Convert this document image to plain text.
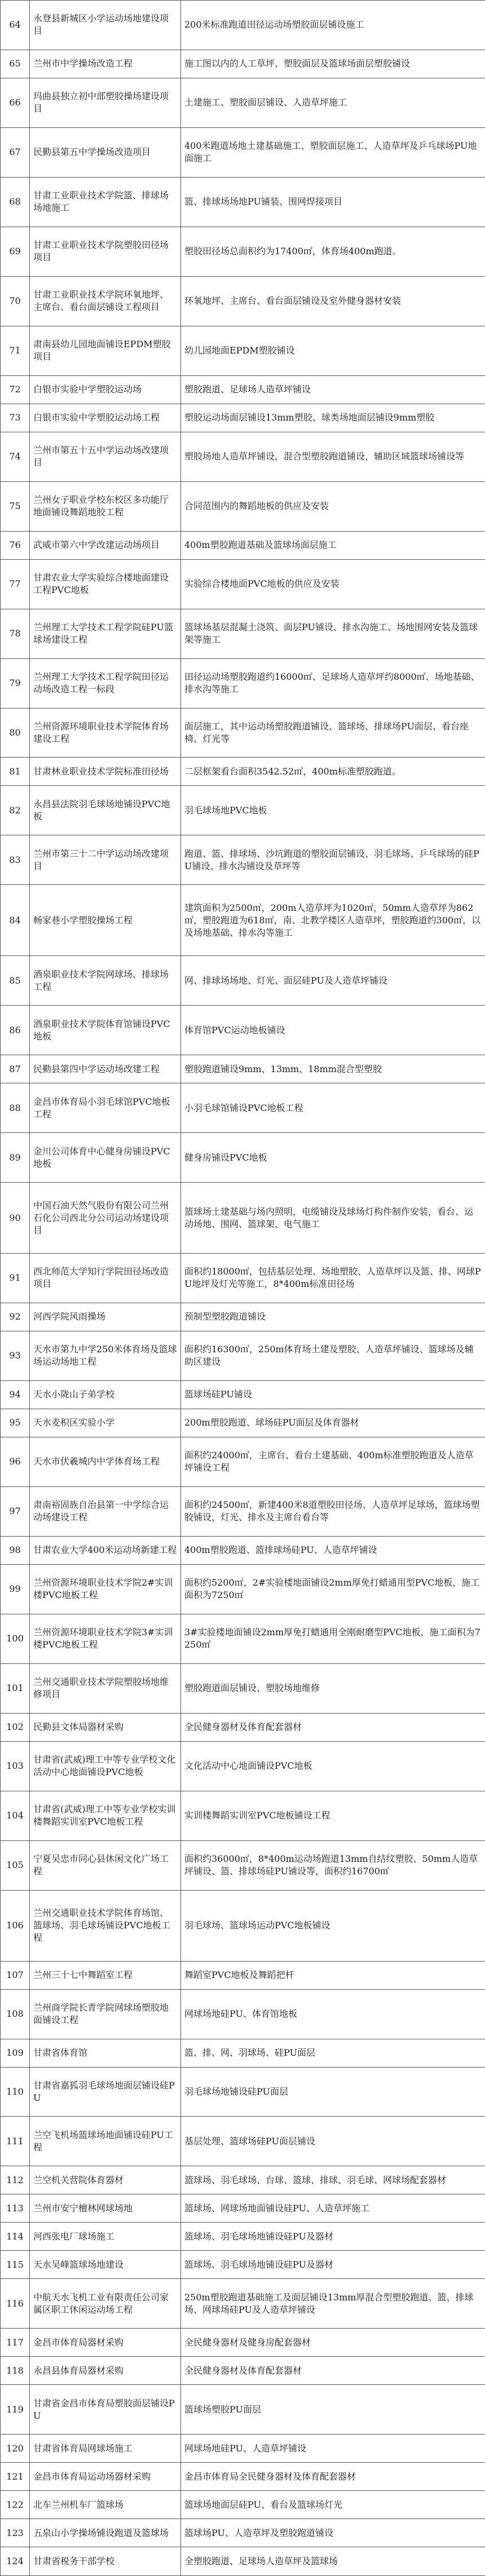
64	永登县新城区小学运动场地建设项目	200米标准跑道田径运动场塑胶面层铺设施工
65	兰州市中学操场改造工程	施工图以内的人工草坪、塑胶面层及篮球场面层塑胶铺设
66	玛曲县独立初中部塑胶操场建设项目	土建施工、塑胶面层铺设、人造草坪施工
67	民勤县第五中学操场改造项目	400米跑道场地土建基础施工、塑胶面层施工、人造草坪及乒乓球场PU地面施工
68	甘肃工业职业技术学院篮、排球场场地施工	篮、排球场场地PU铺装、围网焊接项目
69	甘肃工业职业技术学院塑胶田径场项目	塑胶田径场总面积约为17400㎡，体育场400m跑道。
70	甘肃工业职业技术学院环氧地坪、主席台、看台面层铺设工程项目	环氧地坪、主席台、看台面层铺设及室外健身器材安装
71	肃南县幼儿园地面铺设EPDM塑胶项目	幼儿园地面EPDM塑胶铺设
72	白银市实验中学塑胶运动场	塑胶跑道、足球场人造草坪铺设
73	白银市实验中学塑胶运动场工程	塑胶运动场面层铺设13mm塑胶、球类场地面层铺设9mm塑胶
74	兰州市第五十五中学运动场改建项目	塑胶场地人造草坪铺设，混合型塑胶跑道铺设，辅助区域篮球场铺设等
75	兰州女子职业学校东校区多功能厅地面铺设舞蹈地胶工程	合同范围内的舞蹈地板的供应及安装
76	武威市第六中学改建运动场项目	400m塑胶跑道基础及篮球场面层施工
77	甘肃农业大学实验综合楼地面建设工程PVC地板	实验综合楼地面PVC地板的供应及安装
78	兰州理工大学技术工程学院硅PU篮球场建设工程	篮球场基层混凝土浇筑、面层PU铺设、排水沟施工、场地围网安装及篮球架等施工
79	兰州理工大学技术工程学院田径运动场改造工程一标段	田径运动场塑胶跑道约16000㎡、足球场人造草坪约8000㎡、场地基础、排水沟等施工
80	兰州资源环境职业技术学院体育场建设工程	面层施工，其中运动场塑胶跑道铺设、篮球场、排球场PU面层、看台座椅、灯光等
81	甘肃林业职业技术学院标准田径场	二层框架看台面积3542.52㎡，400m标准塑胶跑道。
82	永昌县法院羽毛球场地铺设PVC地板	羽毛球场地PVC地板
83	兰州市第三十二中学运动场改建项目	跑道、篮、排球场、沙坑跑道的塑胶面层铺设、羽毛球场、乒乓球场的硅PU铺设、排水沟铺设及草坪等
84	畅家巷小学塑胶操场工程	建筑面积为2500㎡，200m人造草坪为1020㎡，50mm人造草坪为862㎡，塑胶跑道为618㎡，南、北教学楼区人造草坪，塑胶跑道约300㎡，以及场地基础、排水沟等施工
85	酒泉职业技术学院网球场、排球场工程	网、排球场场地、灯光、面层硅PU及人造草坪铺设
86	酒泉职业技术学院体育馆铺设PVC地板	体育馆PVC运动地板铺设
87	民勤县第四中学运动场改建工程	塑胶跑道铺设9mm、13mm、18mm混合型塑胶
88	金昌市体育局小羽毛球馆PVC地板工程	小羽毛球馆铺设PVC地板工程
89	金川公司体育中心健身房铺设PVC地板	健身房铺设PVC地板
90	中国石油天然气股份有限公司兰州石化公司西北分公司运动场建设项目	篮球场土建基础与场内照明，电缆铺设及球场灯构件制作安装，看台、运动场地、围网、篮球架、电气施工
91	西北师范大学知行学院田径场改造项目	面积约18000㎡，包括基层处理、场地塑胶、人造草坪以及篮、排、网球PU地坪及灯光等施工，8*400m标准田径场
92	河西学院风雨操场	预制型塑胶跑道铺设
93	天水市第九中学250米体育场及篮球场运动场地工程	面积约16300㎡，250m体育场土建及塑胶、人造草坪铺设、篮球场及辅助区建设
94	天水小陇山子弟学校	篮球场硅PU铺设
95	天水麦积区实验小学	200m塑胶跑道、球场硅PU面层及体育器材
96	天水市伏羲城内中学体育场工程	面积约24000㎡，主席台、看台土建基础、400m标准塑胶跑道及人造草坪铺设工程
97	肃南裕固族自治县第一中学综合运动场建设工程	面积约24500㎡，新建400米8道塑胶田径场、人造草坪足球场，篮球场塑胶铺设，灯光、排水及主席台看台等
98	甘肃农业大学400米运动场新建工程	400m塑胶跑道、篮排球场硅PU、人造草坪铺设
99	兰州资源环境职业技术学院2#实训楼PVC地板工程	面积约5200㎡，2#实验楼地面铺设2mm厚免打蜡通用型PVC地板，施工面积为7250㎡
100	兰州资源环境职业技术学院3#实训楼PVC地板工程	3#实验楼地面铺设2mm厚免打蜡通用全刚耐磨型PVC地板，施工面积为7250㎡
101	兰州交通职业技术学院塑胶场地维修项目	塑胶跑道面层铺设、塑胶场地维修
102	民勤县文体局器材采购	全民健身器材及体育配套器材
103	甘肃省(武威)理工中等专业学校文化活动中心地面铺设PVC地板	文化活动中心地面铺设PVC地板
104	甘肃省(武威)理工中等专业学校实训楼舞蹈实训室PVC地板工程	实训楼舞蹈实训室PVC地板铺设工程
105	宁夏吴忠市同心县休闲文化广场工程	面积约36000㎡，8*400m运动场跑道13mm自结纹塑胶、50mm人造草坪铺设、篮、排球场硅PU铺设等，面积约16700㎡
106	兰州交通职业技术学院体育场馆、篮球场、羽毛球场铺设PVC地板工程	羽毛球场、篮球场运动PVC地板铺设
107	兰州三十七中舞蹈室工程	舞蹈室PVC地板及舞蹈把杆
108	兰州商学院长青学院网球场塑胶地面铺设工程	网球场地硅PU、体育馆地板
109	甘肃省体育馆	篮、排、网、羽球场、硅PU面层
110	甘肃省嘉狐羽毛球场地面层铺设硅PU	羽毛球场地铺设硅PU面层
111	兰空飞机场篮球场地面铺设硅PU工程	基层处理、篮球场硅PU面层铺设
112	兰空机关营院体育器材	篮球场、羽毛球场、台球、篮球、排球、羽毛球、网球场配套器材
113	兰州市安宁檀林网球场地	篮球场、网球场地面铺设硅PU、人造草坪施工
114	河西张电厂球场施工	篮球场、羽毛球场地铺设硅PU及器材
115	天水吴峰篮球场地建设	篮球场、羽毛球场地铺设硅PU及器材
116	中航天水飞机工业有限责任公司家属区职工休闲运动场工程	250m塑胶跑道基础施工及面层铺设13mm厚混合型塑胶跑道、篮、排球场、网球场硅PU及人造草坪铺设
117	金昌市体育局器材采购	全民健身器材及健身房配套器材
118	永昌县体育局器材采购	全民健身器材及体育配套器材
119	甘肃省金昌市体育局塑胶面层铺设PU	篮球场塑胶PU面层
120	甘肃省体育局网球场施工	网球场地硅PU、人造草坪铺设
121	金昌市体育局运动场器材采购	金昌市体育局全民健身器材及体育配套器材
122	北车兰州机车厂篮球场	篮球场地面层硅PU、看台及篮球场灯光
123	五泉山小学操场铺设跑道及篮球场	篮球场PU、人造草坪及塑胶跑道铺设
124	甘肃省税务干部学校	全塑胶跑道、足球场人造草坪及篮球场
